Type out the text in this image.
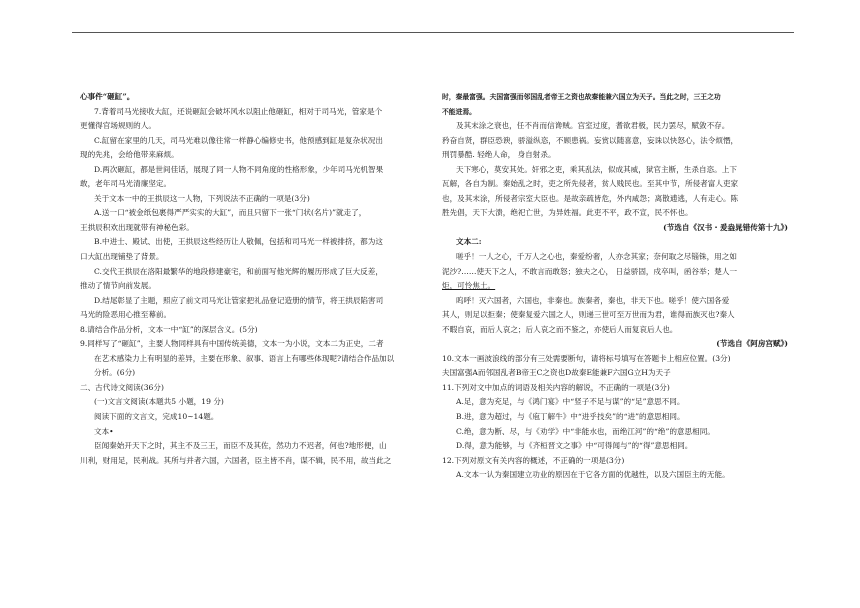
心事件“砸缸”。
7.背着司马光接收大缸，还说砸缸会破坏风水以阻止他砸缸，相对于司马光，管家是个
更懂得官场规则的人。
C.缸留在家里的几天，司马光难以像往常一样静心编修史书，他预感到缸是复杂状况出
现的先兆，会给他带来麻烦。
D.两次砸缸，都是世间佳话，展现了同一人物不同角度的性格形象，少年司马光机智果
敢，老年司马光清廉坚定。
关于文本一中的王拱辰这一人物，下列说法不正确的一项是(3分)
A.送一口“被金纸包裹得严严实实的大缸”，而且只留下一张“门状(名片)”就走了，
王拱辰积欢出现就带有神秘色彩。
B.中进士、殿试、出使，王拱辰这些经历让人敬佩，包括和司马光一样被排挤，都为这
口大缸出现铺垫了背景。
C.交代王拱辰在洛阳最繁华的地段修建豪宅，和前面写他光辉的履历形成了巨大反差，
推动了情节向前发展。
D.结尾彰显了主题，照应了前文司马光让管家把礼品登记造册的情节，将王拱辰陷害司
马光的险恶用心推至幕前。
8.请结合作品分析，文本一中“缸”的深层含义。(5分)
9.同样写了“砸缸”，主要人物同样具有中国传统美德，文本一为小说，文本二为正史，二者
在艺术感染力上有明显的差异，主要在形象、叙事、语言上有哪些体现呢?请结合作品加以
分析。(6分)
二、古代诗文阅读(36分)
(一)文言文阅读(本题共5 小题，19 分)
阅读下面的文言文，完成10~14题。
文本•
臣闻秦始开天下之时，其主不及三王，而臣不及其佐，然功力不迟者，何也?地形便，山
川利，财用足，民利战。其所与并者六国，六国者，臣主皆不肖，谋不辑，民不用，故当此之
时，秦最富强。夫国富强而邻国乱者帝王之资也故秦能兼六国立为天子。当此之时，三王之功
不能进焉。
及其末涂之衰也，任不肖而信谗贼。宫室过度，耆欲君极，民力罢尽，赋敛不存。
矜奋自贤，群臣恐谀，骄溢纵恣，不顾患祸。妄赏以随喜意，妄诛以快怒心，法令烦憯，
刑罚暴酷. 轻绝人命， 身自射杀。
天下寒心，莫安其处。奸邪之吏，乘其乱法，似成其威，狱官主断，生杀自恣。上下
瓦解，各自为制。秦始乱之时，吏之所先侵者，贫人贱民也。至其中节，所侵者富人吏家
也，及其末涂，所侵者宗室大臣也。是故亲疏皆危，外内咸怨；离散逋逃，人有走心。陈
胜先倡，天下大溃，绝祀亡世，为异姓福。此吏不平，政不宣，民不怀也。
(节选自《汉书・爰盎晁错传第十九》)
文本二:
嗟乎！一人之心，千万人之心也，秦爱纷奢，人亦念其家；奈何取之尽锱铢，用之如
泥沙?……使天下之人，不敢言而敢怒；独夫之心， 日益骄固，戍卒叫，函谷举；楚人一
炬，可怜焦土。
呜呼！灭六国者，六国也，非秦也。族秦者，秦也，非天下也。嗟乎！使六国各爱
其人，则足以拒秦；使秦复爱六国之人，则递三世可至万世而为君，谁得而族灭也?秦人
不暇自哀，而后人哀之；后人哀之而不鉴之，亦使后人而复哀后人也。
(节选自《阿房宫赋》)
10.文本一画波浪线的部分有三处需要断句，请将标号填写在答题卡上相应位置。(3分)
夫国富强A而邻国乱者B帝王C之资也D故秦E能兼F六国G立H为天子
11.下列对文中加点的词语及相关内容的解说，不正确的一项是(3分)
A.足，意为充足，与《鸿门宴》中“竖子不足与谋”的“足”意思不同。
B.进，意为超过，与《庖丁解牛》中“进乎技矣”的“进”的意思相同。
C.绝，意为断、尽，与《劝学》中“非能水也，而绝江河”的“绝”的意思相同。
D.得，意为能够，与《齐桓晋文之事》中“可得闻与”的“得”意思相同。
12.下列对原文有关内容的概述，不正确的一项是(3分)
A.文本一认为秦国建立功业的原因在于它各方面的优越性，以及六国臣主的无能。
